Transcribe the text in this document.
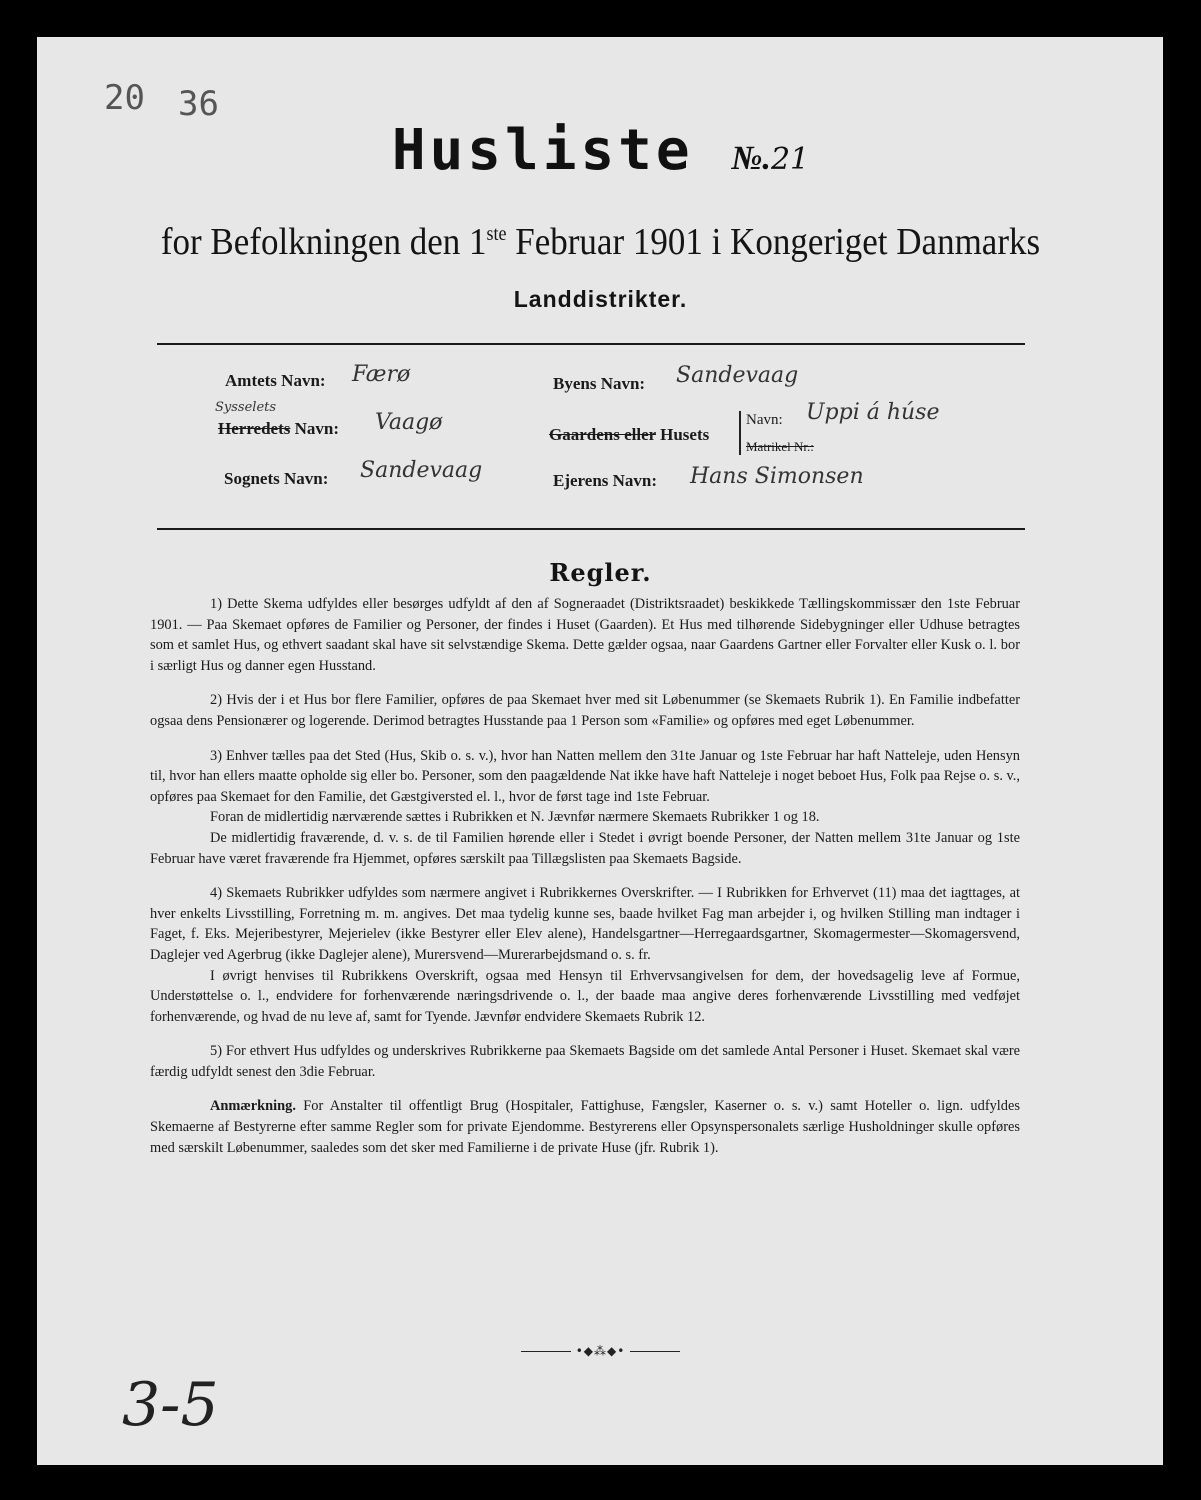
20 36
Husliste №.21
for Befolkningen den 1ste Februar 1901 i Kongeriget Danmarks
Landdistrikter.
Amtets Navn: Færø
Sysselets
Herredets Navn: Vaagø
Sognets Navn: Sandevaag
Byens Navn: Sandevaag
Gaardens eller Husets
Navn: Uppi á húse
Matrikel Nr.:
Ejerens Navn: Hans Simonsen
Regler.

1) Dette Skema udfyldes eller besørges udfyldt af den af Sogneraadet (Distriktsraadet) beskikkede Tællingskommissær den 1ste Februar 1901. — Paa Skemaet opføres de Familier og Personer, der findes i Huset (Gaarden). Et Hus med tilhørende Sidebygninger eller Udhuse betragtes som et samlet Hus, og ethvert saadant skal have sit selvstændige Skema. Dette gælder ogsaa, naar Gaardens Gartner eller Forvalter eller Kusk o. l. bor i særligt Hus og danner egen Husstand.

2) Hvis der i et Hus bor flere Familier, opføres de paa Skemaet hver med sit Løbenummer (se Skemaets Rubrik 1). En Familie indbefatter ogsaa dens Pensionærer og logerende. Derimod betragtes Husstande paa 1 Person som «Familie» og opføres med eget Løbenummer.

3) Enhver tælles paa det Sted (Hus, Skib o. s. v.), hvor han Natten mellem den 31te Januar og 1ste Februar har haft Natteleje, uden Hensyn til, hvor han ellers maatte opholde sig eller bo. Personer, som den paagældende Nat ikke have haft Natteleje i noget beboet Hus, Folk paa Rejse o. s. v., opføres paa Skemaet for den Familie, det Gæstgiversted el. l., hvor de først tage ind 1ste Februar.

Foran de midlertidig nærværende sættes i Rubrikken et N. Jævnfør nærmere Skemaets Rubrikker 1 og 18.

De midlertidig fraværende, d. v. s. de til Familien hørende eller i Stedet i øvrigt boende Personer, der Natten mellem 31te Januar og 1ste Februar have været fraværende fra Hjemmet, opføres særskilt paa Tillægslisten paa Skemaets Bagside.

4) Skemaets Rubrikker udfyldes som nærmere angivet i Rubrikkernes Overskrifter. — I Rubrikken for Erhvervet (11) maa det iagttages, at hver enkelts Livsstilling, Forretning m. m. angives. Det maa tydelig kunne ses, baade hvilket Fag man arbejder i, og hvilken Stilling man indtager i Faget, f. Eks. Mejeribestyrer, Mejerielev (ikke Bestyrer eller Elev alene), Handelsgartner—Herregaardsgartner, Skomagermester—Skomagersvend, Daglejer ved Agerbrug (ikke Daglejer alene), Murersvend—Murerarbejdsmand o. s. fr.

I øvrigt henvises til Rubrikkens Overskrift, ogsaa med Hensyn til Erhvervsangivelsen for dem, der hovedsagelig leve af Formue, Understøttelse o. l., endvidere for forhenværende næringsdrivende o. l., der baade maa angive deres forhenværende Livsstilling med vedføjet forhenværende, og hvad de nu leve af, samt for Tyende. Jævnfør endvidere Skemaets Rubrik 12.

5) For ethvert Hus udfyldes og underskrives Rubrikkerne paa Skemaets Bagside om det samlede Antal Personer i Huset. Skemaet skal være færdig udfyldt senest den 3die Februar.

Anmærkning. For Anstalter til offentligt Brug (Hospitaler, Fattighuse, Fængsler, Kaserner o. s. v.) samt Hoteller o. lign. udfyldes Skemaerne af Bestyrerne efter samme Regler som for private Ejendomme. Bestyrerens eller Opsynspersonalets særlige Husholdninger skulle opføres med særskilt Løbenummer, saaledes som det sker med Familierne i de private Huse (jfr. Rubrik 1).

•◆⁂◆•
3-5
